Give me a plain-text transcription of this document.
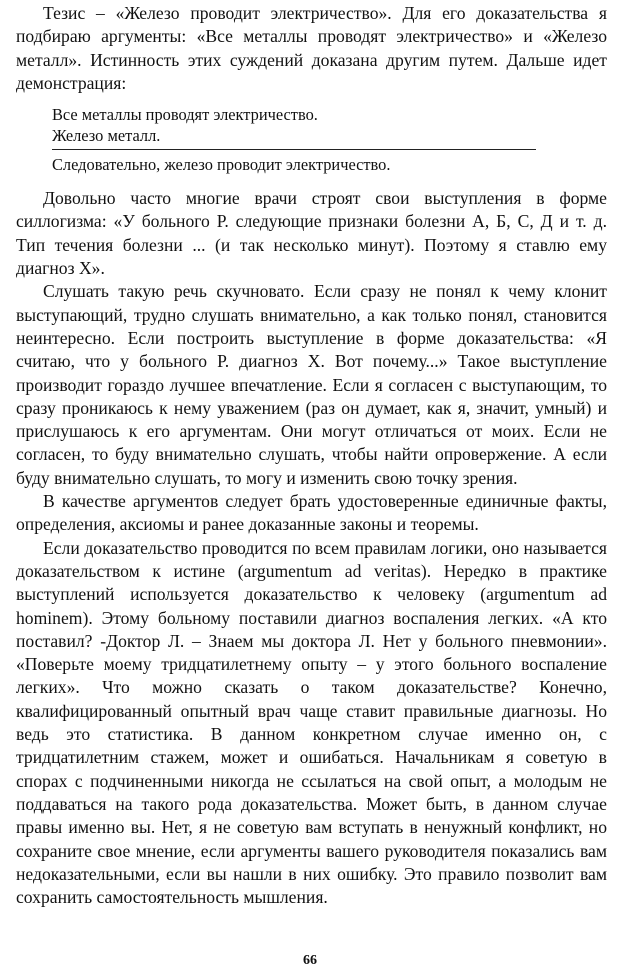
Тезис – «Железо проводит электричество». Для его доказательства я подбираю аргументы: «Все металлы проводят электричество» и «Железо металл». Истинность этих суждений доказана другим путем. Дальше идет демонстрация:

Все металлы проводят электричество.
Железо металл.
Следовательно, железо проводит электричество.

Довольно часто многие врачи строят свои выступления в форме силлогизма: «У больного Р. следующие признаки болезни А, Б, С, Д и т. д. Тип течения болезни ... (и так несколько минут). Поэтому я ставлю ему диагноз Х».

Слушать такую речь скучновато. Если сразу не понял к чему клонит выступающий, трудно слушать внимательно, а как только понял, становится неинтересно. Если построить выступление в форме доказательства: «Я считаю, что у больного Р. диагноз Х. Вот почему...» Такое выступление производит гораздо лучшее впечатление. Если я согласен с выступающим, то сразу проникаюсь к нему уважением (раз он думает, как я, значит, умный) и прислушаюсь к его аргументам. Они могут отличаться от моих. Если не согласен, то буду внимательно слушать, чтобы найти опровержение. А если буду внимательно слушать, то могу и изменить свою точку зрения.

В качестве аргументов следует брать удостоверенные единичные факты, определения, аксиомы и ранее доказанные законы и теоремы.

Если доказательство проводится по всем правилам логики, оно называется доказательством к истине (argumentum ad veritas). Нередко в практике выступлений используется доказательство к человеку (argumentum ad hominem). Этому больному поставили диагноз воспаления легких. «А кто поставил? -Доктор Л. – Знаем мы доктора Л. Нет у больного пневмонии». «Поверьте моему тридцатилетнему опыту – у этого больного воспаление легких». Что можно сказать о таком доказательстве? Конечно, квалифицированный опытный врач чаще ставит правильные диагнозы. Но ведь это статистика. В данном конкретном случае именно он, с тридцатилетним стажем, может и ошибаться. Начальникам я советую в спорах с подчиненными никогда не ссылаться на свой опыт, а молодым не поддаваться на такого рода доказательства. Может быть, в данном случае правы именно вы. Нет, я не советую вам вступать в ненужный конфликт, но сохраните свое мнение, если аргументы вашего руководителя показались вам недоказательными, если вы нашли в них ошибку. Это правило позволит вам сохранить самостоятельность мышления.

66
